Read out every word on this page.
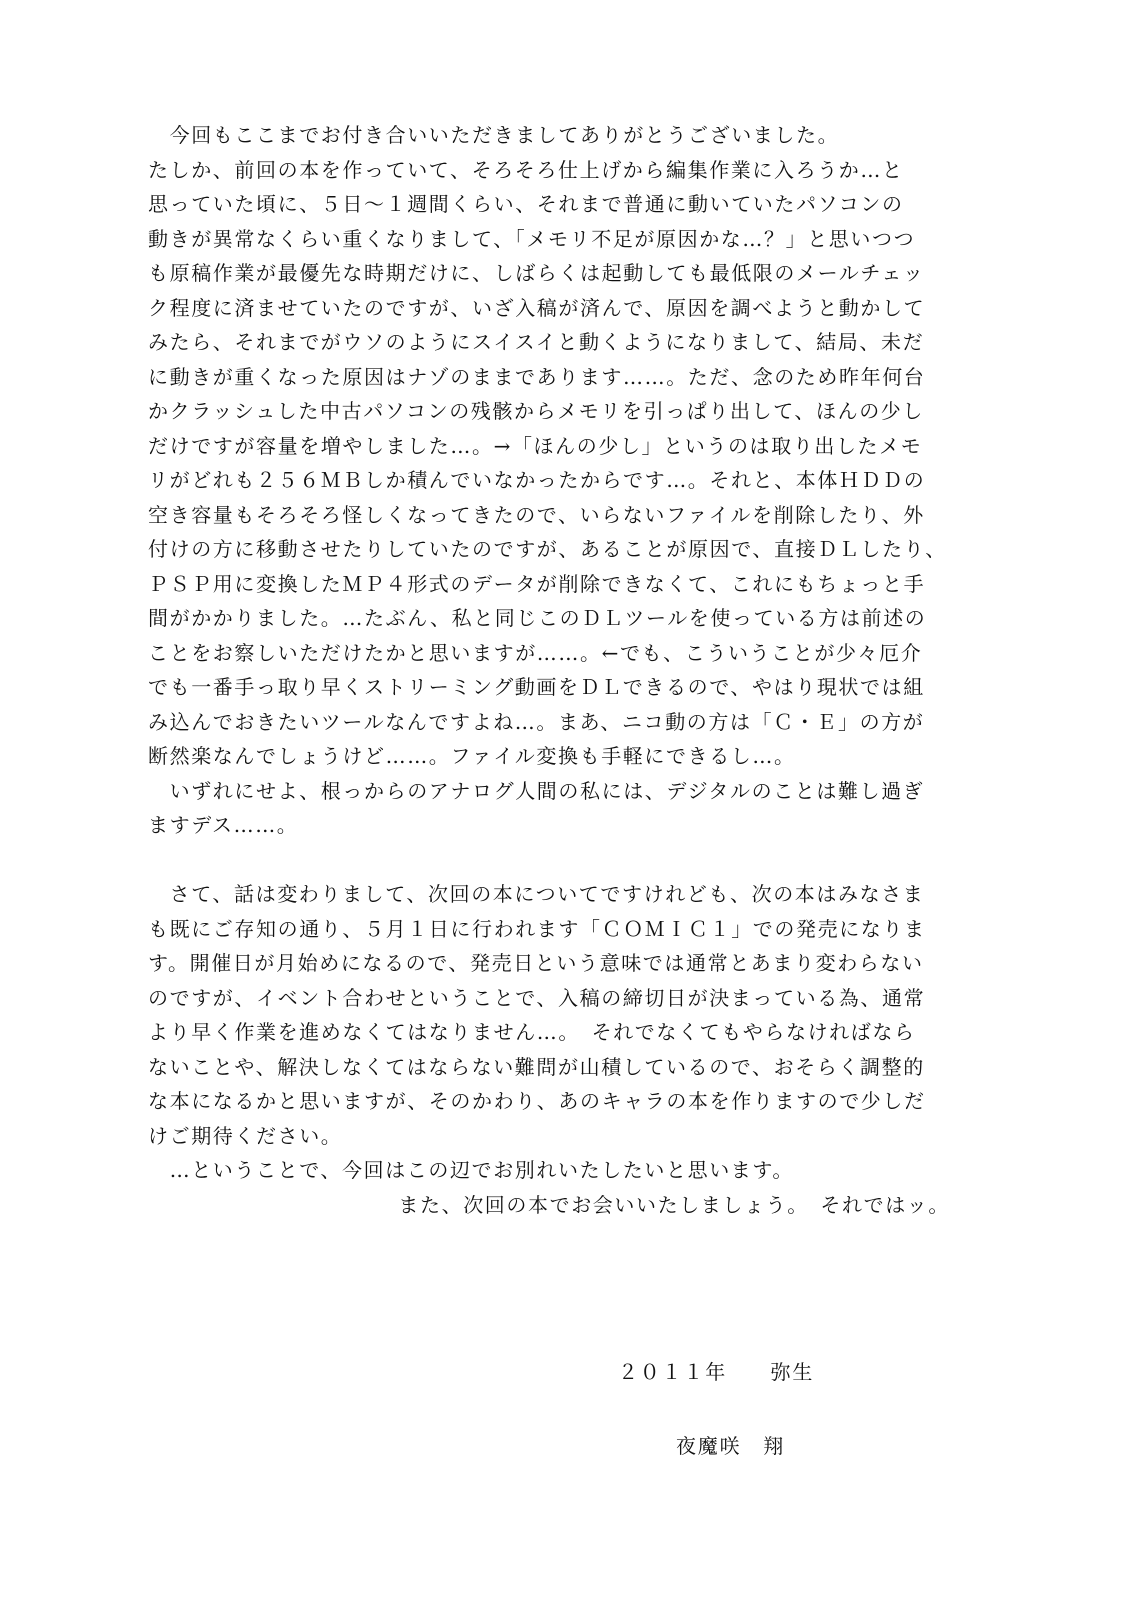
　今回もここまでお付き合いいただきましてありがとうございました。
たしか、前回の本を作っていて、そろそろ仕上げから編集作業に入ろうか…と
思っていた頃に、５日～１週間くらい、それまで普通に動いていたパソコンの
動きが異常なくらい重くなりまして、「メモリ不足が原因かな…？」と思いつつ
も原稿作業が最優先な時期だけに、しばらくは起動しても最低限のメールチェッ
ク程度に済ませていたのですが、いざ入稿が済んで、原因を調べようと動かして
みたら、それまでがウソのようにスイスイと動くようになりまして、結局、未だ
に動きが重くなった原因はナゾのままであります……。ただ、念のため昨年何台
かクラッシュした中古パソコンの残骸からメモリを引っぱり出して、ほんの少し
だけですが容量を増やしました…。→「ほんの少し」というのは取り出したメモ
リがどれも２５６ＭＢしか積んでいなかったからです…。それと、本体ＨＤＤの
空き容量もそろそろ怪しくなってきたので、いらないファイルを削除したり、外
付けの方に移動させたりしていたのですが、あることが原因で、直接ＤＬしたり、
ＰＳＰ用に変換したＭＰ４形式のデータが削除できなくて、これにもちょっと手
間がかかりました。…たぶん、私と同じこのＤＬツールを使っている方は前述の
ことをお察しいただけたかと思いますが……。←でも、こういうことが少々厄介
でも一番手っ取り早くストリーミング動画をＤＬできるので、やはり現状では組
み込んでおきたいツールなんですよね…。まあ、ニコ動の方は「Ｃ・Ｅ」の方が
断然楽なんでしょうけど……。ファイル変換も手軽にできるし…。
　いずれにせよ、根っからのアナログ人間の私には、デジタルのことは難し過ぎ
ますデス……。
　さて、話は変わりまして、次回の本についてですけれども、次の本はみなさま
も既にご存知の通り、５月１日に行われます「ＣＯＭＩＣ１」での発売になりま
す。開催日が月始めになるので、発売日という意味では通常とあまり変わらない
のですが、イベント合わせということで、入稿の締切日が決まっている為、通常
より早く作業を進めなくてはなりません…。　それでなくてもやらなければなら
ないことや、解決しなくてはならない難問が山積しているので、おそらく調整的
な本になるかと思いますが、そのかわり、あのキャラの本を作りますので少しだ
けご期待ください。
　…ということで、今回はこの辺でお別れいたしたいと思います。
また、次回の本でお会いいたしましょう。　それではッ。
２０１１年　　弥生
夜魔咲　翔
